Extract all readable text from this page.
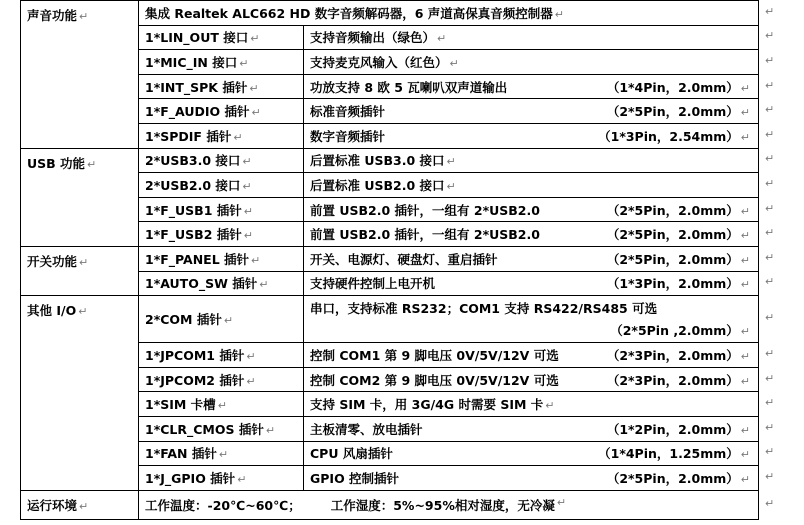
声音功能 ↵	集成 Realtek ALC662 HD 数字音频解码器，6 声道高保真音频控制器 ↵	
	1*LIN_OUT 接口 ↵	支持音频输出（绿色） ↵

	1*MIC_IN 接口 ↵	支持麦克风输入（红色） ↵

	1*INT_SPK 插针 ↵	功放支持 8 欧 5 瓦喇叭双声道输出 （1*4Pin，2.0mm） ↵

	1*F_AUDIO 插针 ↵	标准音频插针 （2*5Pin，2.0mm） ↵

	1*SPDIF 插针 ↵	数字音频插针 （1*3Pin，2.54mm） ↵

USB 功能 ↵	2*USB3.0 接口 ↵	后置标准 USB3.0 接口 ↵

	2*USB2.0 接口 ↵	后置标准 USB2.0 接口 ↵

	1*F_USB1 插针 ↵	前置 USB2.0 插针，一组有 2*USB2.0 （2*5Pin，2.0mm） ↵

	1*F_USB2 插针 ↵	前置 USB2.0 插针，一组有 2*USB2.0 （2*5Pin，2.0mm） ↵

开关功能 ↵	1*F_PANEL 插针 ↵	开关、电源灯、硬盘灯、重启插针 （2*5Pin，2.0mm） ↵

	1*AUTO_SW 插针 ↵	支持硬件控制上电开机 （1*3Pin，2.0mm） ↵

其他 I/O ↵	2*COM 插针 ↵	串口，支持标准 RS232；COM1 支持 RS422/RS485 可选
（2*5Pin ,2.0mm） ↵

	1*JPCOM1 插针 ↵	控制 COM1 第 9 脚电压 0V/5V/12V 可选 （2*3Pin，2.0mm） ↵

	1*JPCOM2 插针 ↵	控制 COM2 第 9 脚电压 0V/5V/12V 可选 （2*3Pin，2.0mm） ↵

	1*SIM 卡槽 ↵	支持 SIM 卡，用 3G/4G 时需要 SIM 卡 ↵

	1*CLR_CMOS 插针 ↵	主板清零、放电插针 （1*2Pin，2.0mm） ↵

	1*FAN 插针 ↵	CPU 风扇插针 （1*4Pin，1.25mm） ↵

	1*J_GPIO 插针 ↵	GPIO 控制插针 （2*5Pin，2.0mm） ↵

运行环境 ↵	工作温度：-20℃~60℃； 工作湿度：5%~95%相对湿度，无冷凝 ↵	
↵
↵
↵
↵
↵
↵
↵
↵
↵
↵
↵
↵
↵
↵
↵
↵
↵
↵
↵
↵
